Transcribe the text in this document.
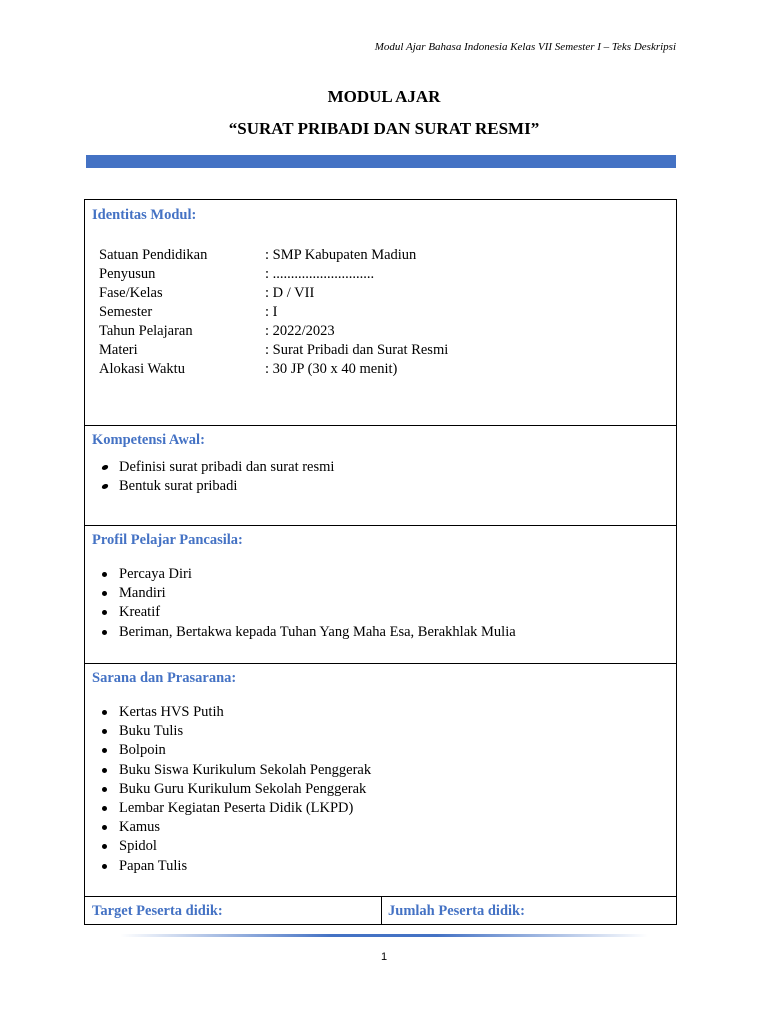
Modul Ajar Bahasa Indonesia Kelas VII Semester I – Teks Deskripsi
MODUL AJAR
“SURAT PRIBADI DAN SURAT RESMI”
Identitas Modul:
Satuan Pendidikan	: SMP Kabupaten Madiun
Penyusun	: ............................
Fase/Kelas	: D / VII
Semester	: I
Tahun Pelajaran	: 2022/2023
Materi	: Surat Pribadi dan Surat Resmi
Alokasi Waktu	: 30 JP (30 x 40 menit)
Kompetensi Awal:
Definisi surat pribadi dan surat resmi
Bentuk surat pribadi
Profil Pelajar Pancasila:
Percaya Diri
Mandiri
Kreatif
Beriman, Bertakwa kepada Tuhan Yang Maha Esa, Berakhlak Mulia
Sarana dan Prasarana:
Kertas HVS Putih
Buku Tulis
Bolpoin
Buku Siswa Kurikulum Sekolah Penggerak
Buku Guru Kurikulum Sekolah Penggerak
Lembar Kegiatan Peserta Didik (LKPD)
Kamus
Spidol
Papan Tulis
Target Peserta didik:	Jumlah Peserta didik:
1
